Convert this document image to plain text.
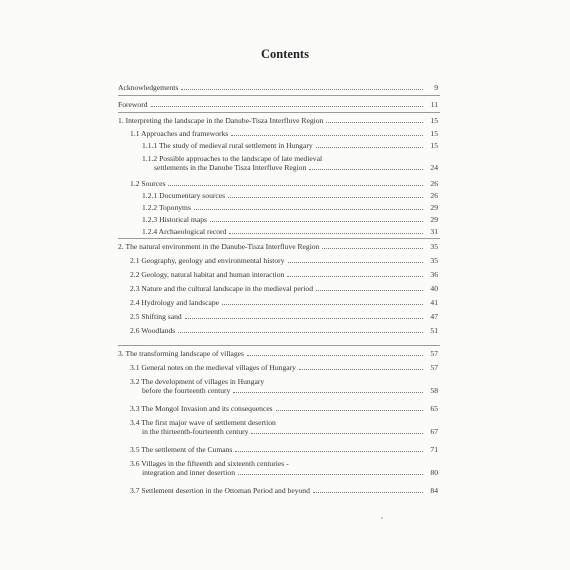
Contents
Acknowledgements	9
Foreword	11
1. Interpreting the landscape in the Danube-Tisza Interfluve Region	15
1.1 Approaches and frameworks	15
1.1.1 The study of medieval rural settlement in Hungary	15
1.1.2 Possible approaches to the landscape of late medieval
settlements in the Danube Tisza Interfluve Region	24
1.2 Sources	26
1.2.1 Documentary sources	26
1.2.2 Toponyms	29
1.2.3 Historical maps	29
1.2.4 Archaeological record	31
2. The natural environment in the Danube-Tisza Interfluve Region	35
2.1 Geography, geology and environmental history	35
2.2 Geology, natural habitat and human interaction	36
2.3 Nature and the cultural landscape in the medieval period	40
2.4 Hydrology and landscape	41
2.5 Shifting sand	47
2.6 Woodlands	51
3. The transforming landscape of villages	57
3.1 General notes on the medieval villages of Hungary	57
3.2 The development of villages in Hungary
before the fourteenth century	58
3.3 The Mongol Invasion and its consequences	65
3.4 The first major wave of settlement desertion
in the thirteenth-fourteenth century	67
3.5 The settlement of the Cumans	71
3.6 Villages in the fifteenth and sixteenth centuries -
integration and inner desertion	80
3.7 Settlement desertion in the Ottoman Period and beyond	84
